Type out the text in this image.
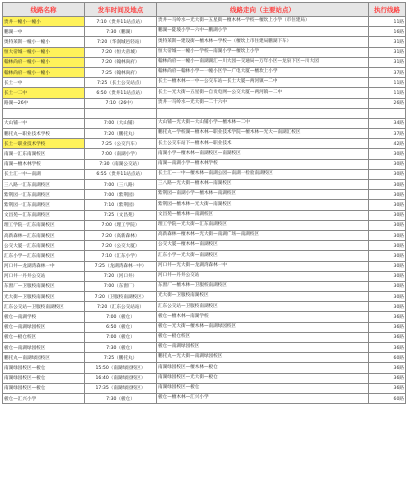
线路名称	发车时间及地点	线路走向（主要站点）	执行线路
贵井一幢小一幢小	7:10（贵井11站点站）	贵井—马岭水—光大街—五星街—檀木林—学校—檀坎上小学（市住建局）	11路
鹏湖一中	7:30（鹏湖）	鹏湖—陡坡小学—六中—鹏湖小学	16路
奥特莱斯一幢小一幢小	7:20（华润城邑轻站）	奥特莱斯—建设街—檀木林—学校—（檀坎上市住建局鹏湖下车）	31路
恒大帝城一幢小一幢小	7:20（恒大帝城）	恒大帝城—一幢小—学校—南湖小学—檀坎上小学	31路
翰林尚府一幢小一幢小	7:20（翰林尚府）	翰林尚府—一幢小—南湖湖汇—川大园—交通局—万年小区—龙泉下区—川大园	31路
翰林尚府一幢小一幢小	7:25（翰林尚府）	翰林尚府—翰林小学—一幢小区学—广电大厦—檀坎上小学	37路
长土一中	7:25（长土公交站点）	长土—檀木林—一中—公交车站—长土大厦—两河镇—二中	11路
长土一二中	6:50（贵井11站点站）	长土—光大街—五星街—自贡电网—公交大厦—两河镇—二中	11路
路湖—26中	7:10（26中）	贵井一马岭水—光大街—二十六中	26路

大山铺一中	7:00（大山铺）	大山铺—光大街—大山铺小学—檀木林—二中	34路
鹏托丸—职业技术学校	7:20（鹏托丸）	鹏托丸—学校湖—檀木林—职业技术学院—檀木林—光大—南湖汇校区	37路
长土一职业技术学校	7:25（公交汽车）	长土公交车站下—檀木林—职业技术	42路
南湖一汇东南湖校区	7:00（南湖小学）	南湖小学—檀木林—南湖校区—南湖校区	30路
南湖—檀木林学校	7:30（南湖公交站）	南湖—南湖小学—檀木林学校	30路
长土汇一中—南湖	6:55（贵井11站点站）	长土汇—一中—檀木林—南湖公园—南湖一检验南湖校区	30路
三八路一汇东南湖校区	7:00（三八路）	三八路—光大街—檀木林—南湖校区	30路
紫荆园一汇东南湖校区	7:00（紫荆园）	紫荆园—南湖小学—檀木林—南湖校区	30路
紫荆园一汇东南湖校区	7:10（紫荆园）	紫荆园—檀木林—光大街—南湖校区	30路
文昌苑—汇东南湖校区	7:25（文昌苑）	文昌苑—檀木林—南湖校区	30路
理工学院一汇东南湖校区	7:00（理工学院）	理工学院—光大街—汇东南湖校区	30路
高新森林—汇东南湖校区	7:20（高新森林）	高新森林—檀木林—光大街—南湖广场—南湖校区	30路
公交大厦一汇东南湖校区	7:20（公交大厦）	公交大厦—檀木林—南湖校区	30路
汇东小学—汇东南湖校区	7:10（汇东小学）	汇东小学—光大街—南湖校区	30路
河口井—龙湖湾森林一中	7:25（龙湖湾森林一中）	河口井—光大街—龙湖湾森林一中	30路
河口井一丹井公交站	7:20（河口井）	河口井—丹井公交站	30路
东窗厂—卫服校南湖校区	7:00（东窗厂）	东窗厂—檀木林—卫服校南湖校区	30路
光大街—卫服校南湖校区	7:20（卫服校南湖校区）	光大街—卫服校南湖校区	30路
汇东公交站—卫服校南湖校区	7:20（汇东公交站站）	汇东公交站—卫服校南湖校区	30路
板仓—南湖学校	7:00（板仓）	板仓—檀木林—南湖学校	36路
板仓—南湖绿园校区	6:50（板仓）	板仓—光大街—檀木林—南湖绿园校区	36路
板仓—板仓校区	7:00（板仓）	板仓—板仓校区	36路
板仓—南湖绿园校区	7:30（板仓）	板仓—南湖绿园校区	36路
鹏托丸—南湖绿园校区	7:25（鹏托丸）	鹏托丸—光大街—南湖绿园校区	60路
南湖绿园校区—板仓	15:50（南湖绿园校区）	南湖绿园校区—檀木林—板仓	36路
南湖绿园校区—板仓	16:40（南湖绿园校区）	南湖绿园校区—光大街—板仓	36路
南湖绿园校区—板仓	17:35（南湖绿园校区）	南湖绿园校区—板仓	36路
板仓—汇兴小学	7:30（板仓）	板仓—檀木林—汇兴小学	60路
